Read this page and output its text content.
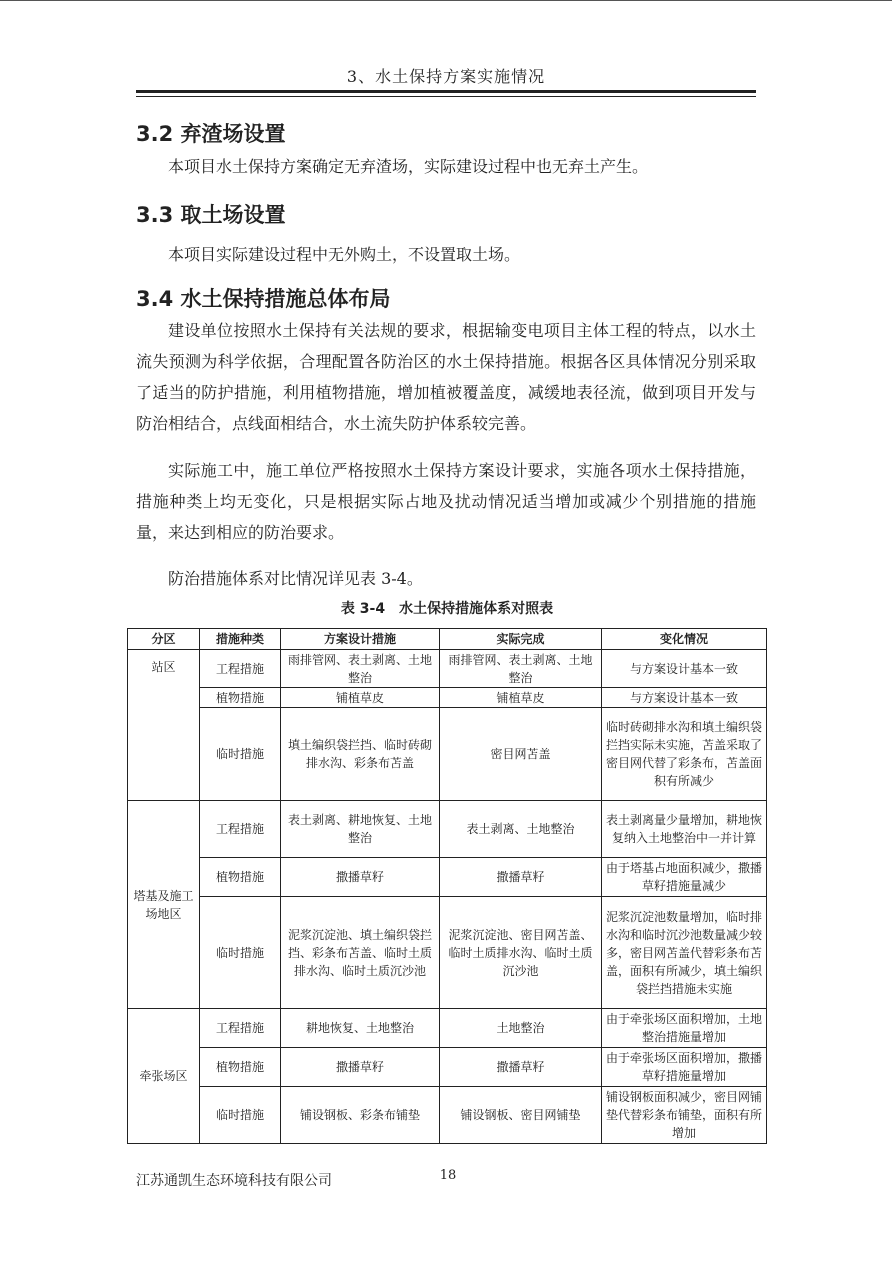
3、水土保持方案实施情况
3.2 弃渣场设置
本项目水土保持方案确定无弃渣场，实际建设过程中也无弃土产生。
3.3 取土场设置
本项目实际建设过程中无外购土，不设置取土场。
3.4 水土保持措施总体布局
建设单位按照水土保持有关法规的要求，根据输变电项目主体工程的特点，以水土流失预测为科学依据，合理配置各防治区的水土保持措施。根据各区具体情况分别采取了适当的防护措施，利用植物措施，增加植被覆盖度，减缓地表径流，做到项目开发与防治相结合，点线面相结合，水土流失防护体系较完善。
实际施工中，施工单位严格按照水土保持方案设计要求，实施各项水土保持措施，措施种类上均无变化，只是根据实际占地及扰动情况适当增加或减少个别措施的措施量，来达到相应的防治要求。
防治措施体系对比情况详见表 3-4。
表 3-4　水土保持措施体系对照表
分区	措施种类	方案设计措施	实际完成	变化情况
站区	工程措施	雨排管网、表土剥离、土地整治	雨排管网、表土剥离、土地整治	与方案设计基本一致
	植物措施	铺植草皮	铺植草皮	与方案设计基本一致
	临时措施	填土编织袋拦挡、临时砖砌排水沟、彩条布苫盖	密目网苫盖	临时砖砌排水沟和填土编织袋拦挡实际未实施，苫盖采取了密目网代替了彩条布，苫盖面积有所减少
塔基及施工场地区	工程措施	表土剥离、耕地恢复、土地整治	表土剥离、土地整治	表土剥离量少量增加，耕地恢复纳入土地整治中一并计算
	植物措施	撒播草籽	撒播草籽	由于塔基占地面积减少，撒播草籽措施量减少
	临时措施	泥浆沉淀池、填土编织袋拦挡、彩条布苫盖、临时土质排水沟、临时土质沉沙池	泥浆沉淀池、密目网苫盖、临时土质排水沟、临时土质沉沙池	泥浆沉淀池数量增加，临时排水沟和临时沉沙池数量减少较多，密目网苫盖代替彩条布苫盖，面积有所减少，填土编织袋拦挡措施未实施
牵张场区	工程措施	耕地恢复、土地整治	土地整治	由于牵张场区面积增加，土地整治措施量增加
	植物措施	撒播草籽	撒播草籽	由于牵张场区面积增加，撒播草籽措施量增加
	临时措施	铺设钢板、彩条布铺垫	铺设钢板、密目网铺垫	铺设钢板面积减少，密目网铺垫代替彩条布铺垫，面积有所增加
江苏通凯生态环境科技有限公司	18
